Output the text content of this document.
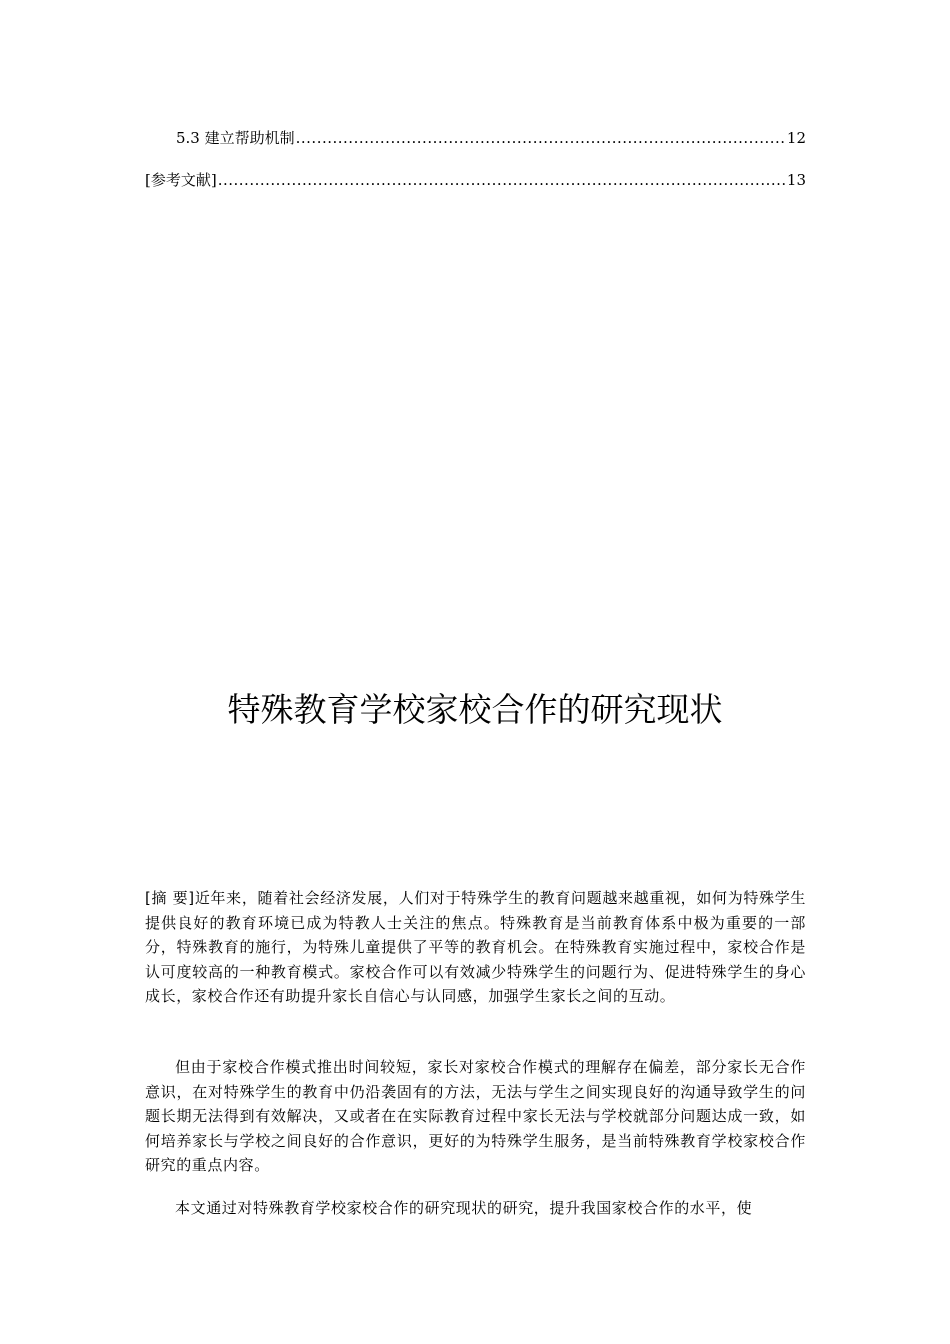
5.3 建立帮助机制 .....	12
[参考文献] .....	13
特殊教育学校家校合作的研究现状

[摘 要]近年来，随着社会经济发展，人们对于特殊学生的教育问题越来越重视，如何为特殊学生提供良好的教育环境已成为特教人士关注的焦点。特殊教育是当前教育体系中极为重要的一部分，特殊教育的施行，为特殊儿童提供了平等的教育机会。在特殊教育实施过程中，家校合作是认可度较高的一种教育模式。家校合作可以有效减少特殊学生的问题行为、促进特殊学生的身心成长，家校合作还有助提升家长自信心与认同感，加强学生家长之间的互动。

但由于家校合作模式推出时间较短，家长对家校合作模式的理解存在偏差，部分家长无合作意识，在对特殊学生的教育中仍沿袭固有的方法，无法与学生之间实现良好的沟通导致学生的问题长期无法得到有效解决，又或者在在实际教育过程中家长无法与学校就部分问题达成一致，如何培养家长与学校之间良好的合作意识，更好的为特殊学生服务，是当前特殊教育学校家校合作研究的重点内容。

本文通过对特殊教育学校家校合作的研究现状的研究，提升我国家校合作的水平，使
